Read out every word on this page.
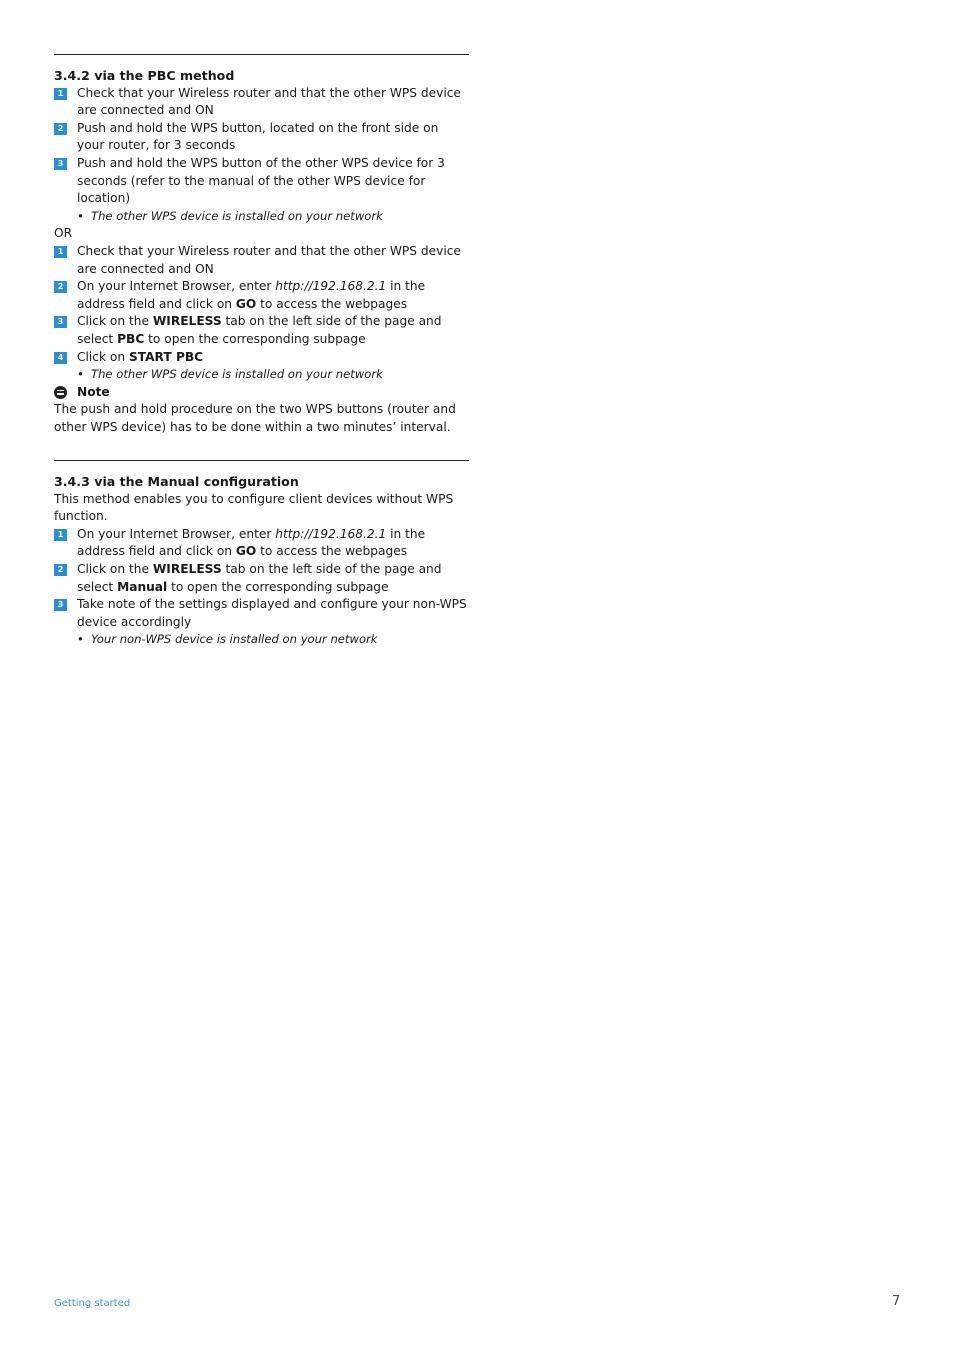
3.4.2 via the PBC method
1	Check that your Wireless router and that the other WPS device are connected and ON
2	Push and hold the WPS button, located on the front side on your router, for 3 seconds
3	Push and hold the WPS button of the other WPS device for 3 seconds (refer to the manual of the other WPS device for location)
• The other WPS device is installed on your network
OR
1	Check that your Wireless router and that the other WPS device are connected and ON
2	On your Internet Browser, enter http://192.168.2.1 in the address field and click on GO to access the webpages
3	Click on the WIRELESS tab on the left side of the page and select PBC to open the corresponding subpage
4	Click on START PBC
• The other WPS device is installed on your network
Note
The push and hold procedure on the two WPS buttons (router and other WPS device) has to be done within a two minutes’ interval.
3.4.3 via the Manual configuration
This method enables you to configure client devices without WPS function.
1	On your Internet Browser, enter http://192.168.2.1 in the address field and click on GO to access the webpages
2	Click on the WIRELESS tab on the left side of the page and select Manual to open the corresponding subpage
3	Take note of the settings displayed and configure your non-WPS device accordingly
• Your non-WPS device is installed on your network
Getting started	7
